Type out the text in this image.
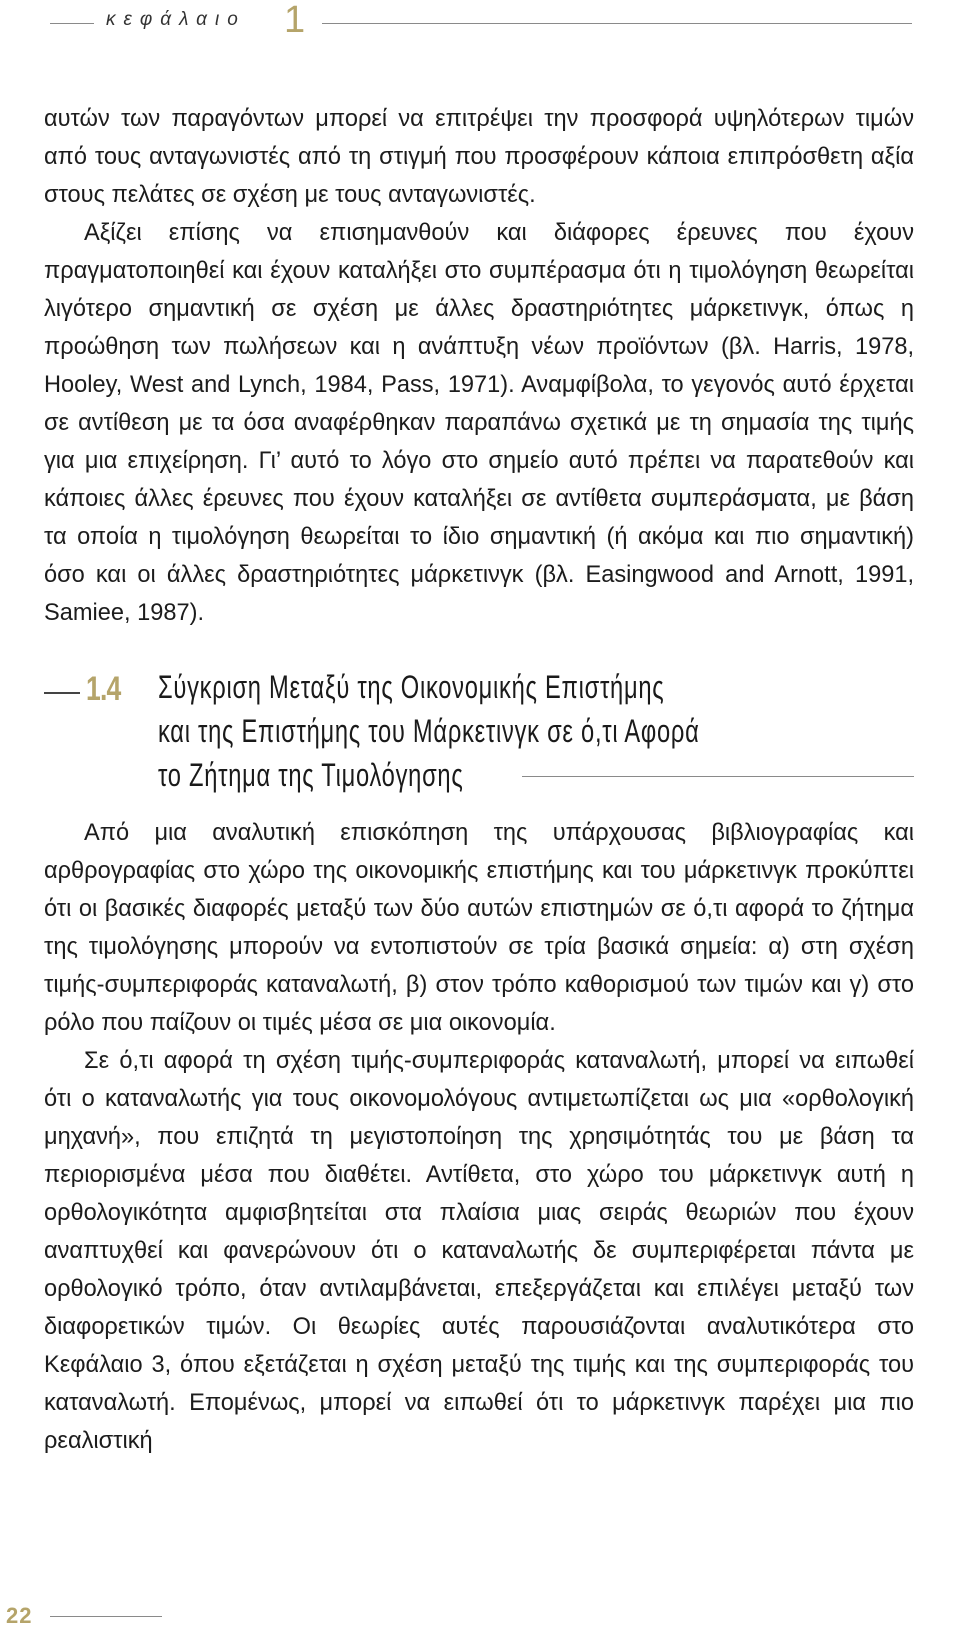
κεφάλαιο 1

αυτών των παραγόντων μπορεί να επιτρέψει την προσφορά υψηλότερων τιμών από τους ανταγωνιστές από τη στιγμή που προσφέρουν κάποια επιπρόσθετη αξία στους πελάτες σε σχέση με τους ανταγωνιστές.

Αξίζει επίσης να επισημανθούν και διάφορες έρευνες που έχουν πραγματοποιηθεί και έχουν καταλήξει στο συμπέρασμα ότι η τιμολόγηση θεωρείται λιγότερο σημαντική σε σχέση με άλλες δραστηριότητες μάρκετινγκ, όπως η προώθηση των πωλήσεων και η ανάπτυξη νέων προϊόντων (βλ. Harris, 1978, Hooley, West and Lynch, 1984, Pass, 1971). Αναμφίβολα, το γεγονός αυτό έρχεται σε αντίθεση με τα όσα αναφέρθηκαν παραπάνω σχετικά με τη σημασία της τιμής για μια επιχείρηση. Γι’ αυτό το λόγο στο σημείο αυτό πρέπει να παρατεθούν και κάποιες άλλες έρευνες που έχουν καταλήξει σε αντίθετα συμπεράσματα, με βάση τα οποία η τιμολόγηση θεωρείται το ίδιο σημαντική (ή ακόμα και πιο σημαντική) όσο και οι άλλες δραστηριότητες μάρκετινγκ (βλ. Easingwood and Arnott, 1991, Samiee, 1987).

1.4 Σύγκριση Μεταξύ της Οικονομικής Επιστήμης
και της Επιστήμης του Μάρκετινγκ σε ό,τι Αφορά
το Ζήτημα της Τιμολόγησης

Από μια αναλυτική επισκόπηση της υπάρχουσας βιβλιογραφίας και αρθρογραφίας στο χώρο της οικονομικής επιστήμης και του μάρκετινγκ προκύπτει ότι οι βασικές διαφορές μεταξύ των δύο αυτών επιστημών σε ό,τι αφορά το ζήτημα της τιμολόγησης μπορούν να εντοπιστούν σε τρία βασικά σημεία: α) στη σχέση τιμής-συμπεριφοράς καταναλωτή, β) στον τρόπο καθορισμού των τιμών και γ) στο ρόλο που παίζουν οι τιμές μέσα σε μια οικονομία.

Σε ό,τι αφορά τη σχέση τιμής-συμπεριφοράς καταναλωτή, μπορεί να ειπωθεί ότι ο καταναλωτής για τους οικονομολόγους αντιμετωπίζεται ως μια «ορθολογική μηχανή», που επιζητά τη μεγιστοποίηση της χρησιμότητάς του με βάση τα περιορισμένα μέσα που διαθέτει. Αντίθετα, στο χώρο του μάρκετινγκ αυτή η ορθολογικότητα αμφισβητείται στα πλαίσια μιας σειράς θεωριών που έχουν αναπτυχθεί και φανερώνουν ότι ο καταναλωτής δε συμπεριφέρεται πάντα με ορθολογικό τρόπο, όταν αντιλαμβάνεται, επεξεργάζεται και επιλέγει μεταξύ των διαφορετικών τιμών. Οι θεωρίες αυτές παρουσιάζονται αναλυτικότερα στο Κεφάλαιο 3, όπου εξετάζεται η σχέση μεταξύ της τιμής και της συμπεριφοράς του καταναλωτή. Επομένως, μπορεί να ειπωθεί ότι το μάρκετινγκ παρέχει μια πιο ρεαλιστική

22
